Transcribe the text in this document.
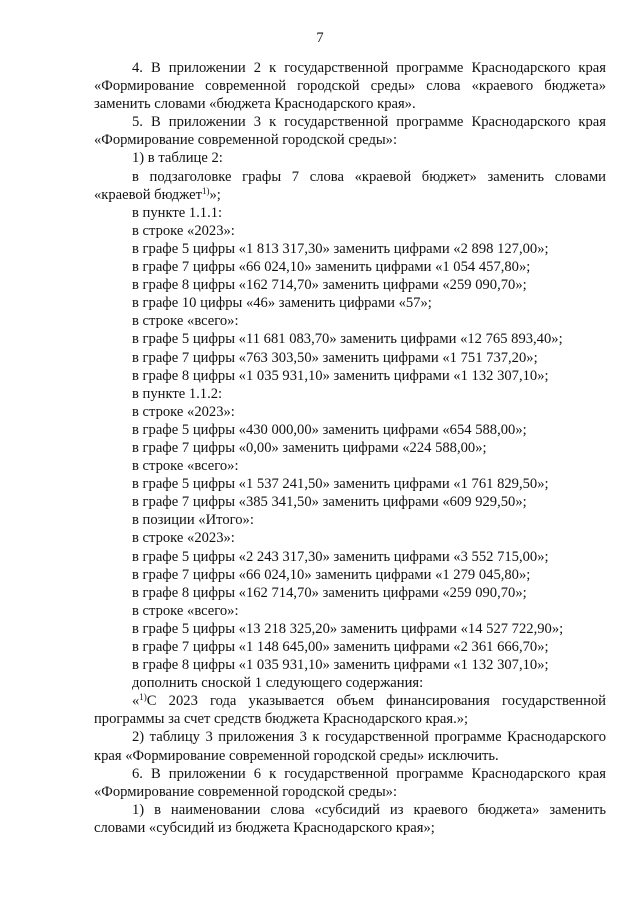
7
4. В приложении 2 к государственной программе Краснодарского края
«Формирование современной городской среды» слова «краевого бюджета»
заменить словами «бюджета Краснодарского края».
5. В приложении 3 к государственной программе Краснодарского края
«Формирование современной городской среды»:
1) в таблице 2:
в подзаголовке графы 7 слова «краевой бюджет» заменить словами
«краевой бюджет$^{1)}$»;
в пункте 1.1.1:
в строке «2023»:
в графе 5 цифры «1 813 317,30» заменить цифрами «2 898 127,00»;
в графе 7 цифры «66 024,10» заменить цифрами «1 054 457,80»;
в графе 8 цифры «162 714,70» заменить цифрами «259 090,70»;
в графе 10 цифры «46» заменить цифрами «57»;
в строке «всего»:
в графе 5 цифры «11 681 083,70» заменить цифрами «12 765 893,40»;
в графе 7 цифры «763 303,50» заменить цифрами «1 751 737,20»;
в графе 8 цифры «1 035 931,10» заменить цифрами «1 132 307,10»;
в пункте 1.1.2:
в строке «2023»:
в графе 5 цифры «430 000,00» заменить цифрами «654 588,00»;
в графе 7 цифры «0,00» заменить цифрами «224 588,00»;
в строке «всего»:
в графе 5 цифры «1 537 241,50» заменить цифрами «1 761 829,50»;
в графе 7 цифры «385 341,50» заменить цифрами «609 929,50»;
в позиции «Итого»:
в строке «2023»:
в графе 5 цифры «2 243 317,30» заменить цифрами «3 552 715,00»;
в графе 7 цифры «66 024,10» заменить цифрами «1 279 045,80»;
в графе 8 цифры «162 714,70» заменить цифрами «259 090,70»;
в строке «всего»:
в графе 5 цифры «13 218 325,20» заменить цифрами «14 527 722,90»;
в графе 7 цифры «1 148 645,00» заменить цифрами «2 361 666,70»;
в графе 8 цифры «1 035 931,10» заменить цифрами «1 132 307,10»;
дополнить сноской 1 следующего содержания:
«$^{1)}$С 2023 года указывается объем финансирования государственной
программы за счет средств бюджета Краснодарского края.»;
2) таблицу 3 приложения 3 к государственной программе Краснодарского
края «Формирование современной городской среды» исключить.
6. В приложении 6 к государственной программе Краснодарского края
«Формирование современной городской среды»:
1) в наименовании слова «субсидий из краевого бюджета» заменить
словами «субсидий из бюджета Краснодарского края»;
